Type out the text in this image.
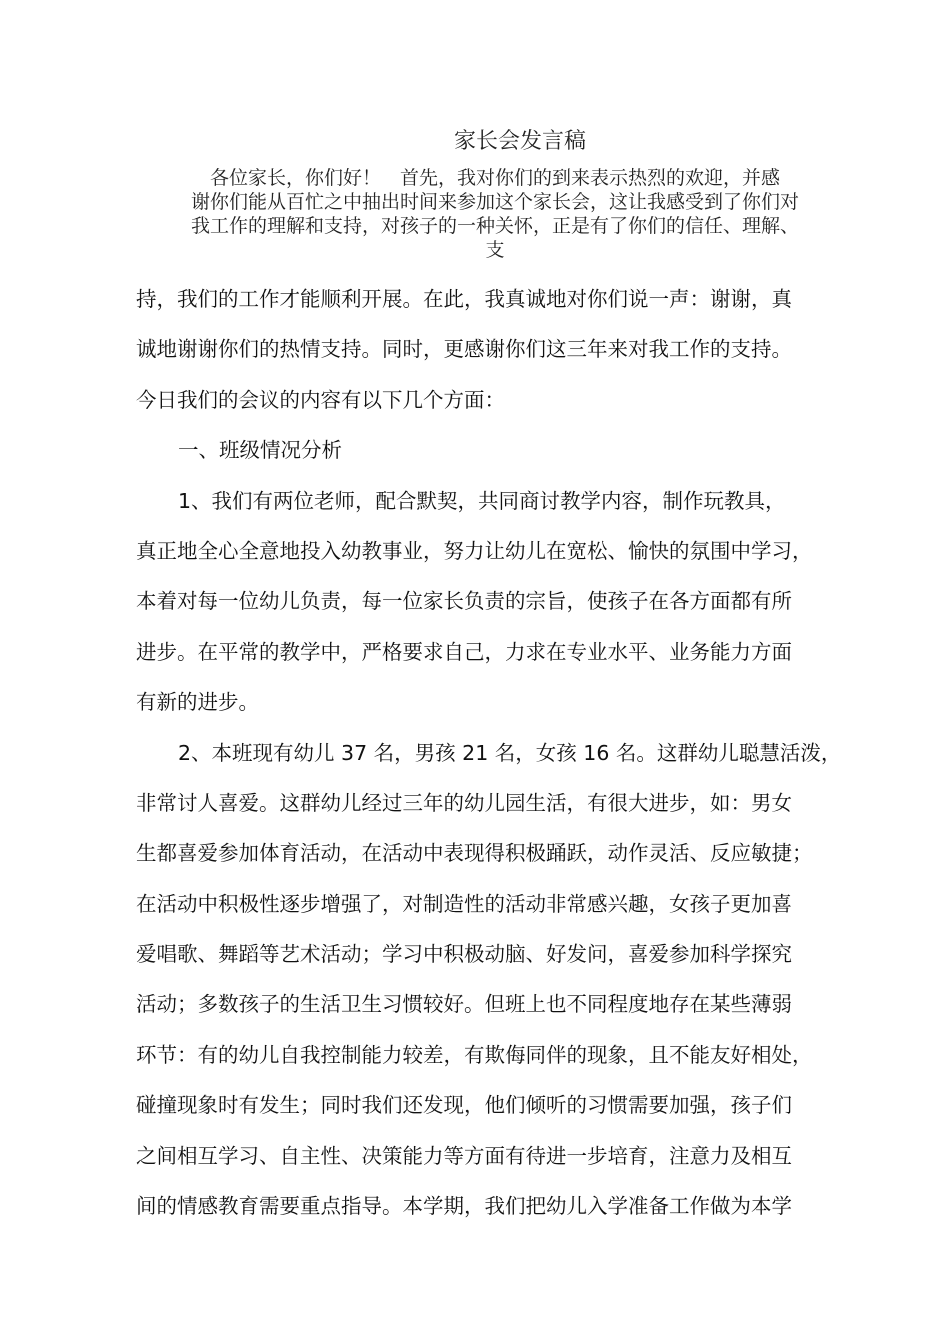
家长会发言稿
各位家长，你们好！　首先，我对你们的到来表示热烈的欢迎，并感
谢你们能从百忙之中抽出时间来参加这个家长会，这让我感受到了你们对
我工作的理解和支持，对孩子的一种关怀，正是有了你们的信任、理解、
支
持，我们的工作才能顺利开展。在此，我真诚地对你们说一声：谢谢，真
诚地谢谢你们的热情支持。同时，更感谢你们这三年来对我工作的支持。
今日我们的会议的内容有以下几个方面：
一、班级情况分析
1、我们有两位老师，配合默契，共同商讨教学内容，制作玩教具，
真正地全心全意地投入幼教事业，努力让幼儿在宽松、愉快的氛围中学习，
本着对每一位幼儿负责，每一位家长负责的宗旨，使孩子在各方面都有所
进步。在平常的教学中，严格要求自己，力求在专业水平、业务能力方面
有新的进步。
2、本班现有幼儿 37 名，男孩 21 名，女孩 16 名。这群幼儿聪慧活泼，
非常讨人喜爱。这群幼儿经过三年的幼儿园生活，有很大进步，如：男女
生都喜爱参加体育活动，在活动中表现得积极踊跃，动作灵活、反应敏捷；
在活动中积极性逐步增强了，对制造性的活动非常感兴趣，女孩子更加喜
爱唱歌、舞蹈等艺术活动；学习中积极动脑、好发问，喜爱参加科学探究
活动；多数孩子的生活卫生习惯较好。但班上也不同程度地存在某些薄弱
环节：有的幼儿自我控制能力较差，有欺侮同伴的现象，且不能友好相处，
碰撞现象时有发生；同时我们还发现，他们倾听的习惯需要加强，孩子们
之间相互学习、自主性、决策能力等方面有待进一步培育，注意力及相互
间的情感教育需要重点指导。本学期，我们把幼儿入学准备工作做为本学
